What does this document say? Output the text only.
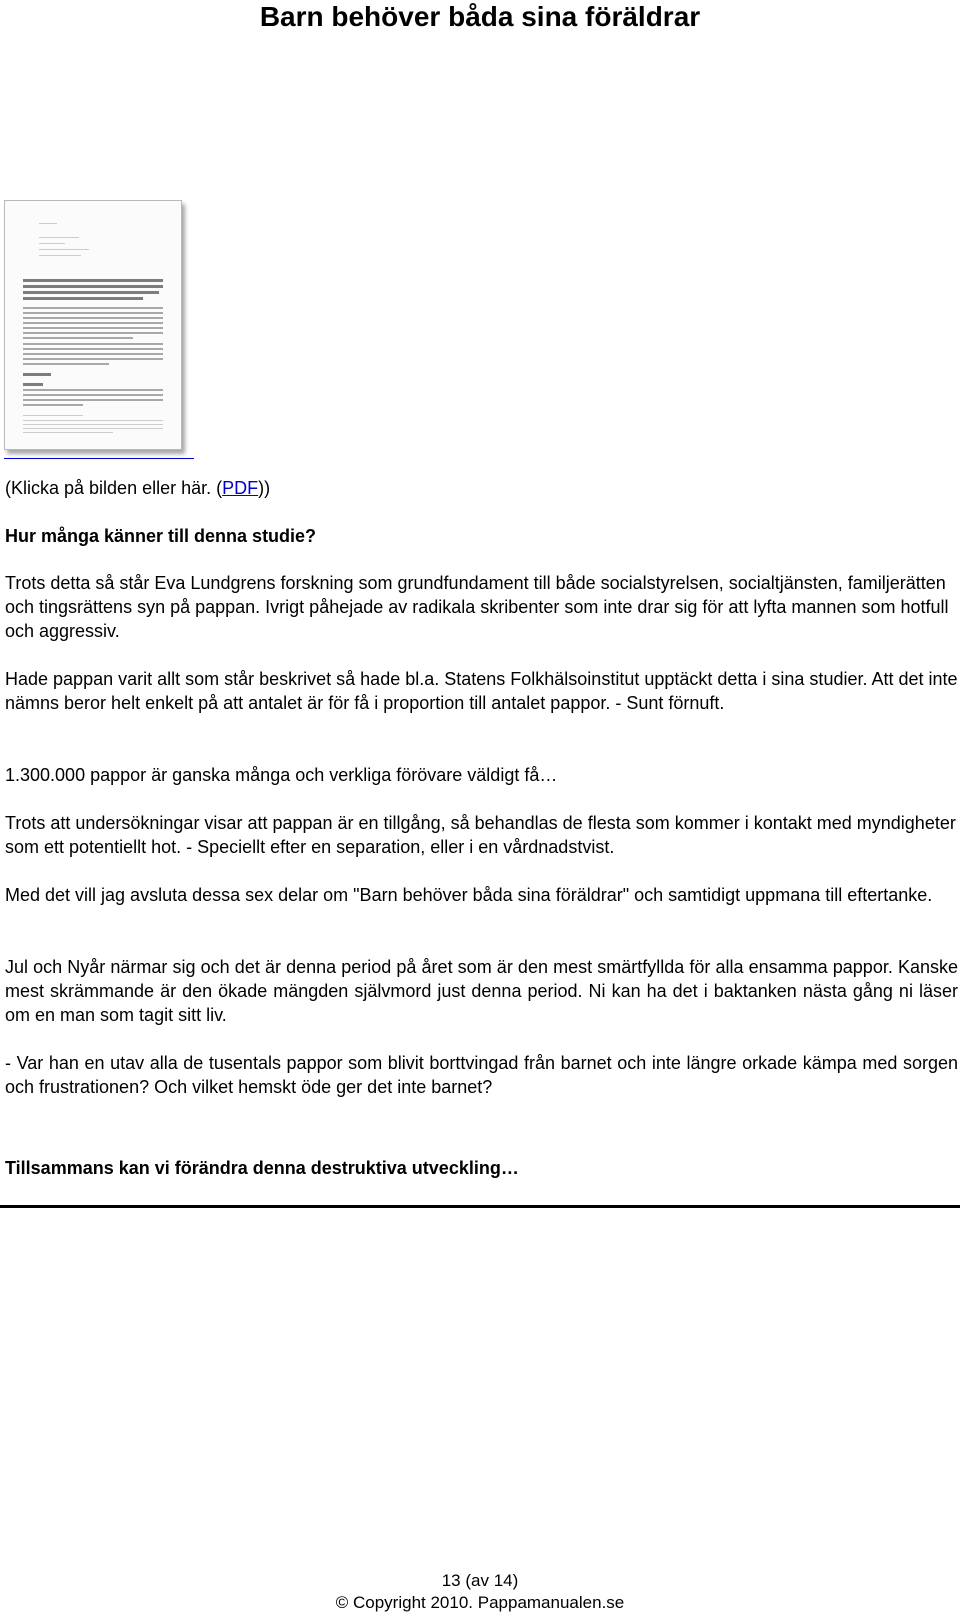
Barn behöver båda sina föräldrar
(Klicka på bilden eller här. (PDF))
Hur många känner till denna studie?
Trots detta så står Eva Lundgrens forskning som grundfundament till både socialstyrelsen, socialtjänsten, familjerätten och tingsrättens syn på pappan. Ivrigt påhejade av radikala skribenter som inte drar sig för att lyfta mannen som hotfull och aggressiv.
Hade pappan varit allt som står beskrivet så hade bl.a. Statens Folkhälsoinstitut upptäckt detta i sina studier. Att det inte nämns beror helt enkelt på att antalet är för få i proportion till antalet pappor. - Sunt förnuft.
1.300.000 pappor är ganska många och verkliga förövare väldigt få…
Trots att undersökningar visar att pappan är en tillgång, så behandlas de flesta som kommer i kontakt med myndigheter som ett potentiellt hot. - Speciellt efter en separation, eller i en vårdnadstvist.
Med det vill jag avsluta dessa sex delar om "Barn behöver båda sina föräldrar" och samtidigt uppmana till eftertanke.
Jul och Nyår närmar sig och det är denna period på året som är den mest smärtfyllda för alla ensamma pappor. Kanske mest skrämmande är den ökade mängden självmord just denna period. Ni kan ha det i baktanken nästa gång ni läser om en man som tagit sitt liv.
- Var han en utav alla de tusentals pappor som blivit borttvingad från barnet och inte längre orkade kämpa med sorgen och frustrationen? Och vilket hemskt öde ger det inte barnet?
Tillsammans kan vi förändra denna destruktiva utveckling…
13 (av 14)
© Copyright 2010. Pappamanualen.se
